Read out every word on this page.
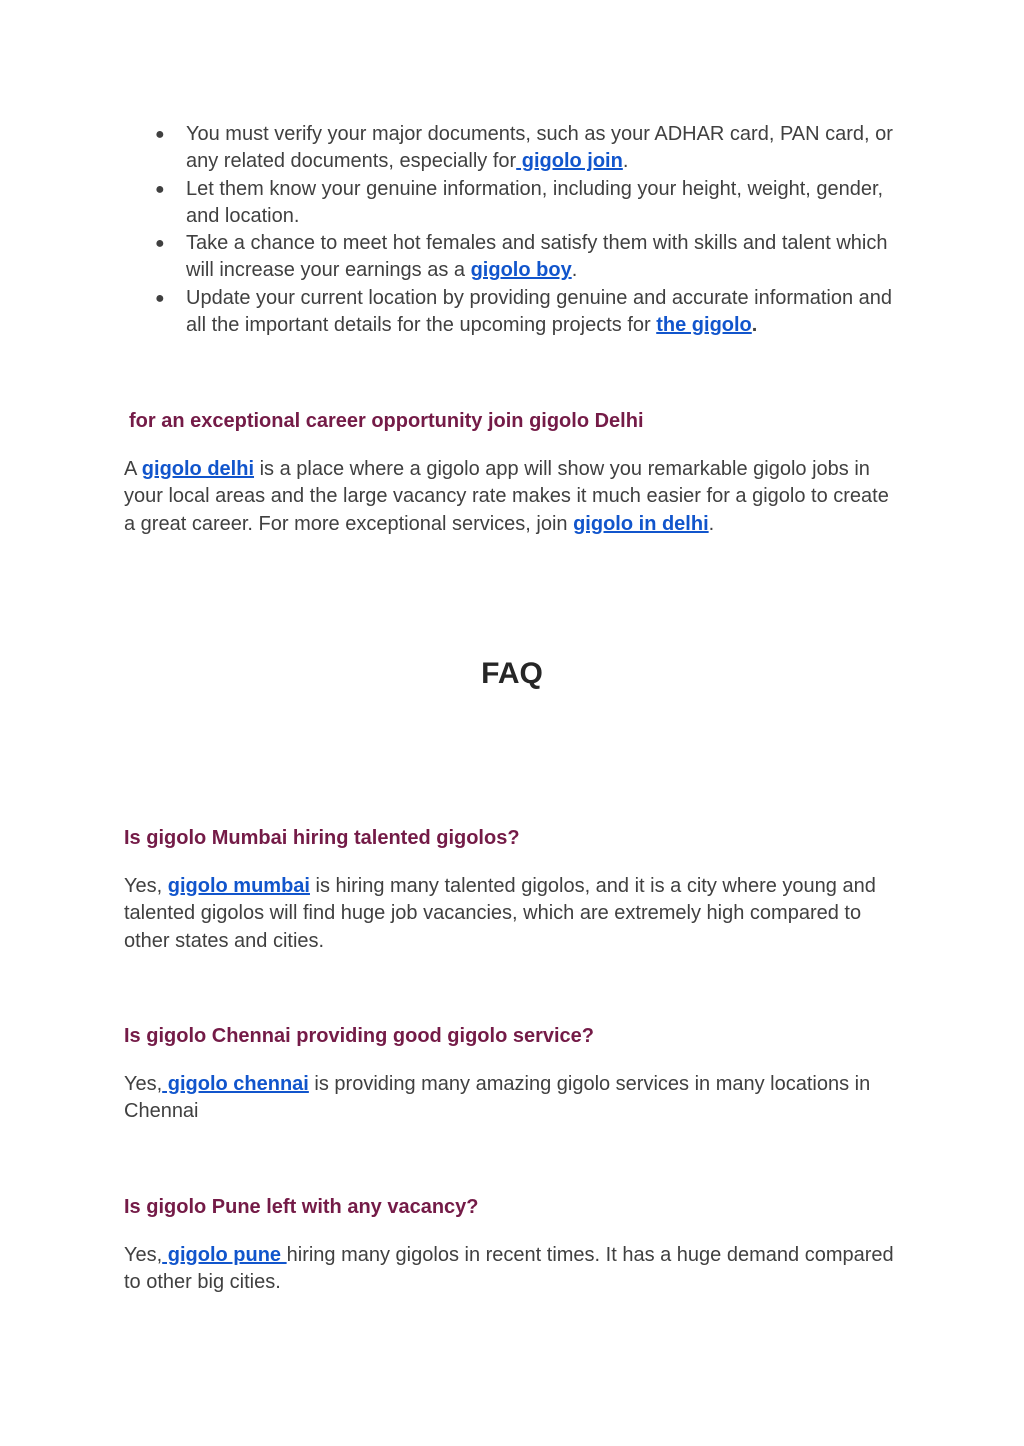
● You must verify your major documents, such as your ADHAR card, PAN card, or any related documents, especially for gigolo join.
● Let them know your genuine information, including your height, weight, gender, and location.
● Take a chance to meet hot females and satisfy them with skills and talent which will increase your earnings as a gigolo boy.
● Update your current location by providing genuine and accurate information and all the important details for the upcoming projects for the gigolo.
for an exceptional career opportunity join gigolo Delhi

A gigolo delhi is a place where a gigolo app will show you remarkable gigolo jobs in your local areas and the large vacancy rate makes it much easier for a gigolo to create a great career. For more exceptional services, join gigolo in delhi.

FAQ
Is gigolo Mumbai hiring talented gigolos?

Yes, gigolo mumbai is hiring many talented gigolos, and it is a city where young and talented gigolos will find huge job vacancies, which are extremely high compared to other states and cities.

Is gigolo Chennai providing good gigolo service?

Yes, gigolo chennai is providing many amazing gigolo services in many locations in Chennai

Is gigolo Pune left with any vacancy?

Yes, gigolo pune hiring many gigolos in recent times. It has a huge demand compared to other big cities.
